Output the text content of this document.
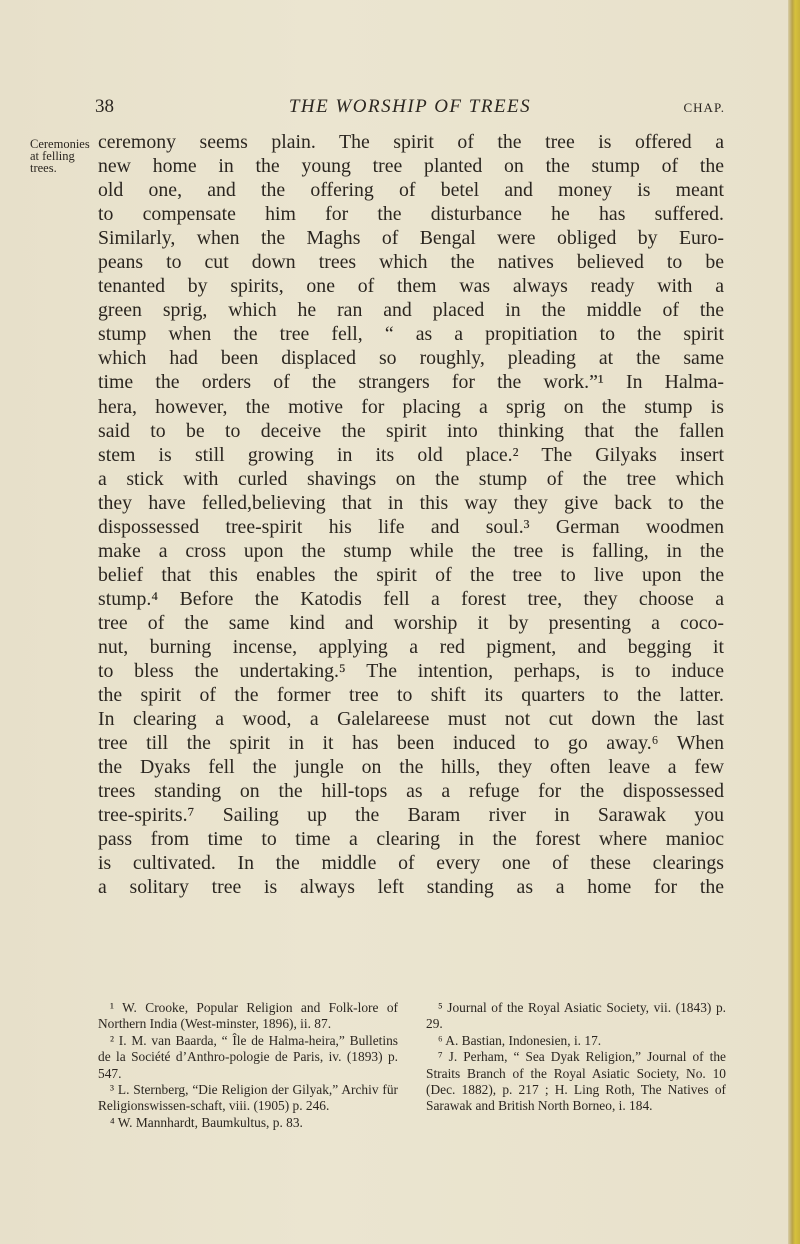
38	THE WORSHIP OF TREES	CHAP.
Ceremonies
at felling
trees.
ceremony seems plain. The spirit of the tree is offered a
new home in the young tree planted on the stump of the
old one, and the offering of betel and money is meant
to compensate him for the disturbance he has suffered.
Similarly, when the Maghs of Bengal were obliged by Euro-
peans to cut down trees which the natives believed to be
tenanted by spirits, one of them was always ready with a
green sprig, which he ran and placed in the middle of the
stump when the tree fell, “ as a propitiation to the spirit
which had been displaced so roughly, pleading at the same
time the orders of the strangers for the work.”¹ In Halma-
hera, however, the motive for placing a sprig on the stump is
said to be to deceive the spirit into thinking that the fallen
stem is still growing in its old place.² The Gilyaks insert
a stick with curled shavings on the stump of the tree which
they have felled,believing that in this way they give back to the
dispossessed tree-spirit his life and soul.³ German woodmen
make a cross upon the stump while the tree is falling, in the
belief that this enables the spirit of the tree to live upon the
stump.⁴ Before the Katodis fell a forest tree, they choose a
tree of the same kind and worship it by presenting a coco-
nut, burning incense, applying a red pigment, and begging it
to bless the undertaking.⁵ The intention, perhaps, is to induce
the spirit of the former tree to shift its quarters to the latter.
In clearing a wood, a Galelareese must not cut down the last
tree till the spirit in it has been induced to go away.⁶ When
the Dyaks fell the jungle on the hills, they often leave a few
trees standing on the hill-tops as a refuge for the dispossessed
tree-spirits.⁷ Sailing up the Baram river in Sarawak you
pass from time to time a clearing in the forest where manioc
is cultivated. In the middle of every one of these clearings
a solitary tree is always left standing as a home for the

¹ W. Crooke, Popular Religion and Folk-lore of Northern India (West-minster, 1896), ii. 87.

² I. M. van Baarda, “ Île de Halma-heira,” Bulletins de la Société d’Anthro-pologie de Paris, iv. (1893) p. 547.

³ L. Sternberg, “Die Religion der Gilyak,” Archiv für Religionswissen-schaft, viii. (1905) p. 246.

⁴ W. Mannhardt, Baumkultus, p. 83.

⁵ Journal of the Royal Asiatic Society, vii. (1843) p. 29.

⁶ A. Bastian, Indonesien, i. 17.

⁷ J. Perham, “ Sea Dyak Religion,” Journal of the Straits Branch of the Royal Asiatic Society, No. 10 (Dec. 1882), p. 217 ; H. Ling Roth, The Natives of Sarawak and British North Borneo, i. 184.
